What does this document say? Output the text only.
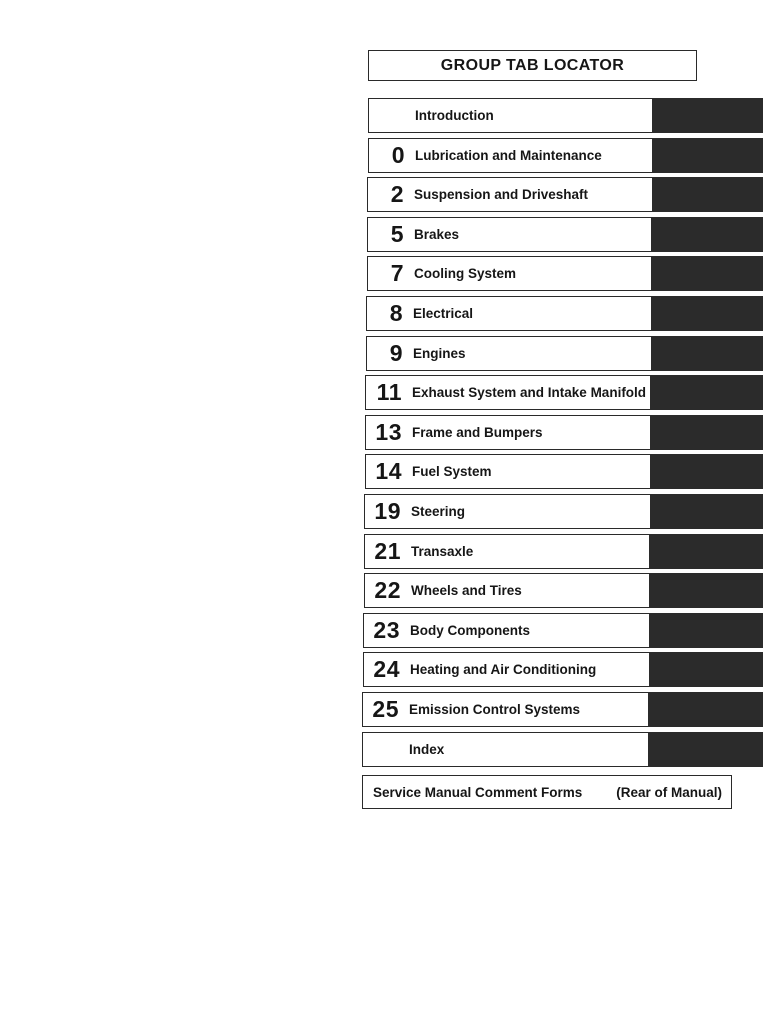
GROUP TAB LOCATOR
Introduction
0 Lubrication and Maintenance
2 Suspension and Driveshaft
5 Brakes
7 Cooling System
8 Electrical
9 Engines
11 Exhaust System and Intake Manifold
13 Frame and Bumpers
14 Fuel System
19 Steering
21 Transaxle
22 Wheels and Tires
23 Body Components
24 Heating and Air Conditioning
25 Emission Control Systems
Index
Service Manual Comment Forms	(Rear of Manual)
